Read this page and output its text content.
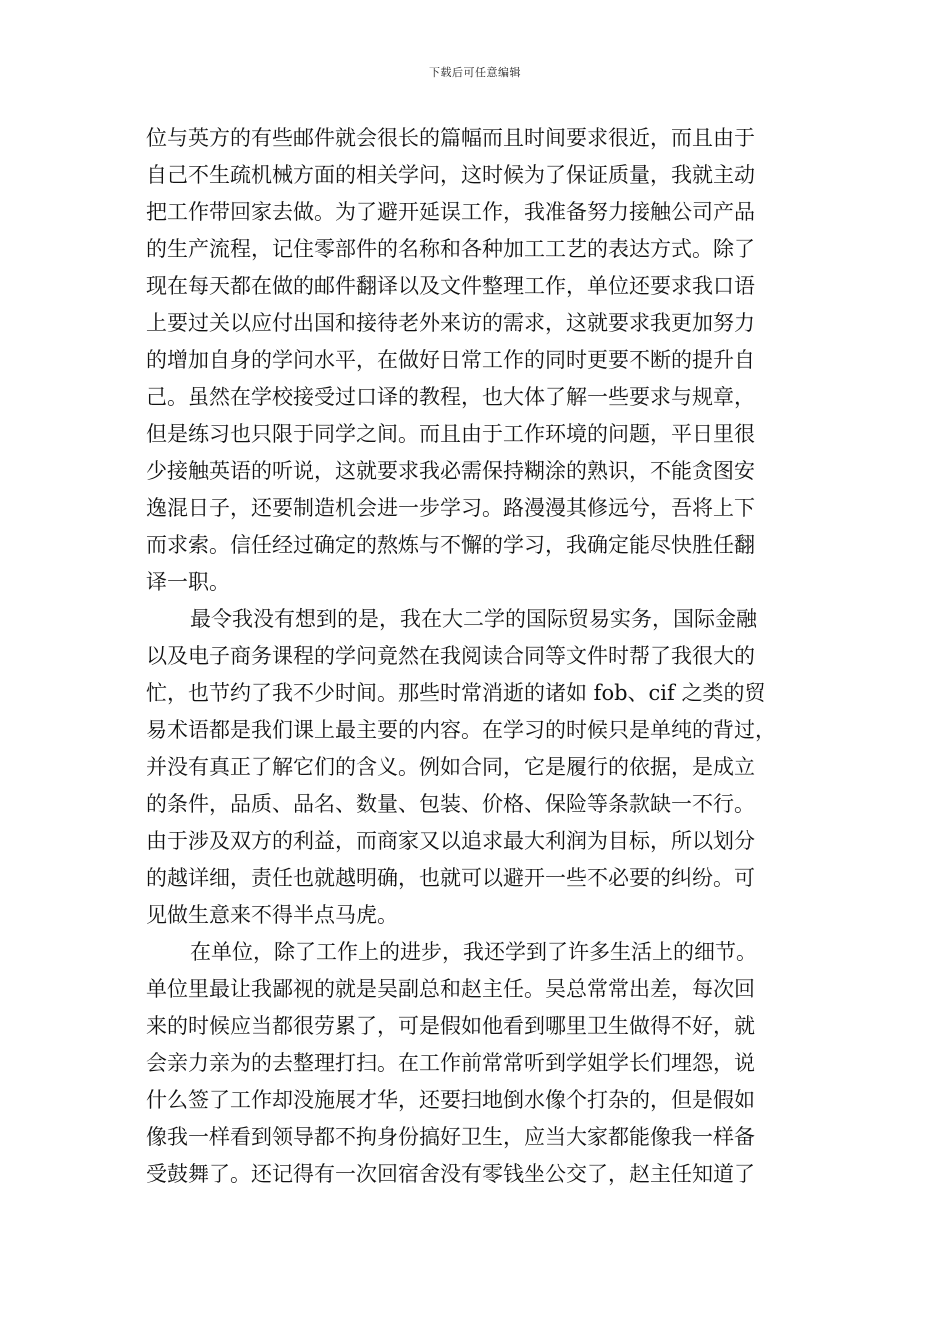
下载后可任意编辑
位与英方的有些邮件就会很长的篇幅而且时间要求很近，而且由于
自己不生疏机械方面的相关学问，这时候为了保证质量，我就主动
把工作带回家去做。为了避开延误工作，我准备努力接触公司产品
的生产流程，记住零部件的名称和各种加工工艺的表达方式。除了
现在每天都在做的邮件翻译以及文件整理工作，单位还要求我口语
上要过关以应付出国和接待老外来访的需求，这就要求我更加努力
的增加自身的学问水平，在做好日常工作的同时更要不断的提升自
己。虽然在学校接受过口译的教程，也大体了解一些要求与规章，
但是练习也只限于同学之间。而且由于工作环境的问题，平日里很
少接触英语的听说，这就要求我必需保持糊涂的熟识，不能贪图安
逸混日子，还要制造机会进一步学习。路漫漫其修远兮，吾将上下
而求索。信任经过确定的熬炼与不懈的学习，我确定能尽快胜任翻
译一职。
最令我没有想到的是，我在大二学的国际贸易实务，国际金融
以及电子商务课程的学问竟然在我阅读合同等文件时帮了我很大的
忙，也节约了我不少时间。那些时常消逝的诸如 fob、cif 之类的贸
易术语都是我们课上最主要的内容。在学习的时候只是单纯的背过，
并没有真正了解它们的含义。例如合同，它是履行的依据，是成立
的条件，品质、品名、数量、包装、价格、保险等条款缺一不行。
由于涉及双方的利益，而商家又以追求最大利润为目标，所以划分
的越详细，责任也就越明确，也就可以避开一些不必要的纠纷。可
见做生意来不得半点马虎。
在单位，除了工作上的进步，我还学到了许多生活上的细节。
单位里最让我鄙视的就是吴副总和赵主任。吴总常常出差，每次回
来的时候应当都很劳累了，可是假如他看到哪里卫生做得不好，就
会亲力亲为的去整理打扫。在工作前常常听到学姐学长们埋怨，说
什么签了工作却没施展才华，还要扫地倒水像个打杂的，但是假如
像我一样看到领导都不拘身份搞好卫生，应当大家都能像我一样备
受鼓舞了。还记得有一次回宿舍没有零钱坐公交了，赵主任知道了
